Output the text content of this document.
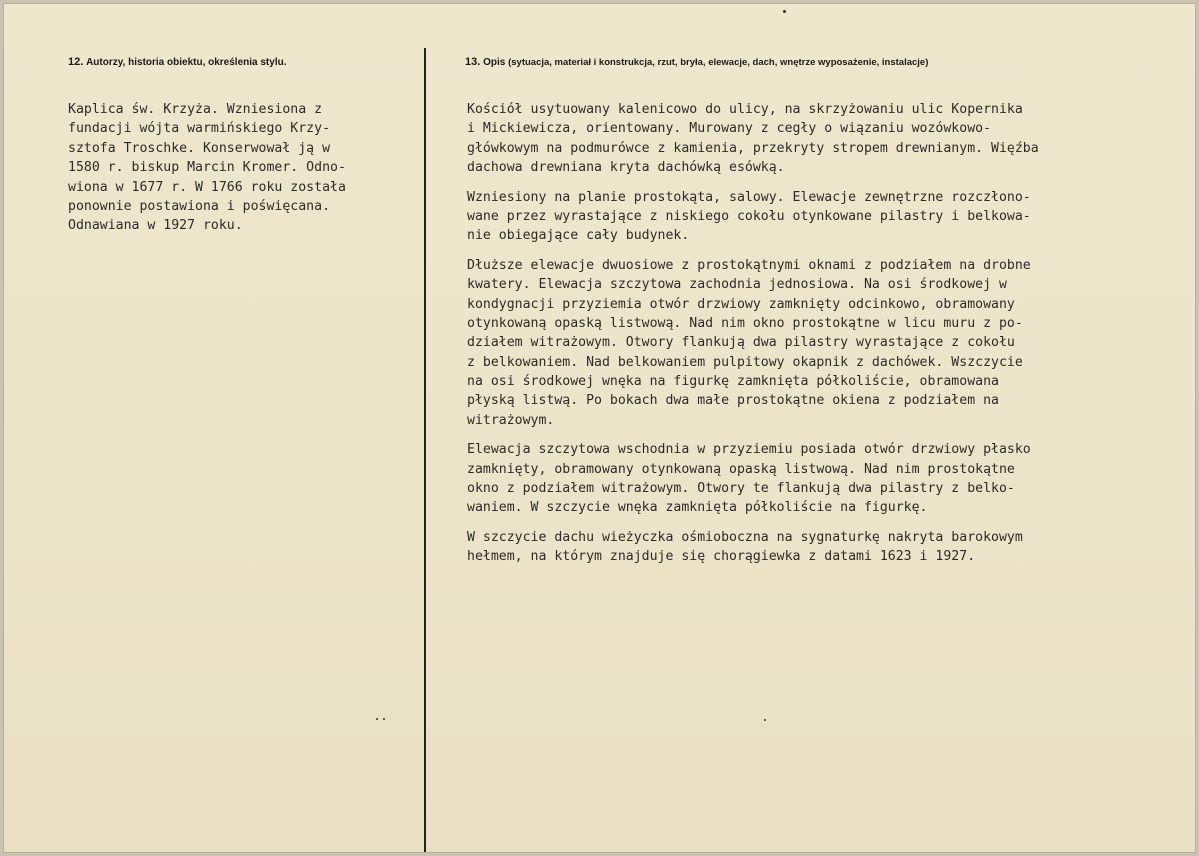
12. Autorzy, historia obiektu, określenia stylu.	13. Opis (sytuacja, materiał i konstrukcja, rzut, bryła, elewacje, dach, wnętrze wyposażenie, instalacje)
Kaplica św. Krzyża. Wzniesiona z
fundacji wójta warmińskiego Krzy-
sztofa Troschke. Konserwował ją w
1580 r. biskup Marcin Kromer. Odno-
wiona w 1677 r. W 1766 roku została
ponownie postawiona i poświęcana.
Odnawiana w 1927 roku.
Kościół usytuowany kalenicowo do ulicy, na skrzyżowaniu ulic Kopernika
i Mickiewicza, orientowany. Murowany z cegły o wiązaniu wozówkowo-
główkowym na podmurówce z kamienia, przekryty stropem drewnianym. Więźba
dachowa drewniana kryta dachówką esówką.
Wzniesiony na planie prostokąta, salowy. Elewacje zewnętrzne rozczłono-
wane przez wyrastające z niskiego cokołu otynkowane pilastry i belkowa-
nie obiegające cały budynek.
Dłuższe elewacje dwuosiowe z prostokątnymi oknami z podziałem na drobne
kwatery. Elewacja szczytowa zachodnia jednosiowa. Na osi środkowej w
kondygnacji przyziemia otwór drzwiowy zamknięty odcinkowo, obramowany
otynkowaną opaską listwową. Nad nim okno prostokątne w licu muru z po-
działem witrażowym. Otwory flankują dwa pilastry wyrastające z cokołu
z belkowaniem. Nad belkowaniem pulpitowy okapnik z dachówek. Wszczycie
na osi środkowej wnęka na figurkę zamknięta półkoliście, obramowana
płyską listwą. Po bokach dwa małe prostokątne okiena z podziałem na
witrażowym.
Elewacja szczytowa wschodnia w przyziemiu posiada otwór drzwiowy płasko
zamknięty, obramowany otynkowaną opaską listwową. Nad nim prostokątne
okno z podziałem witrażowym. Otwory te flankują dwa pilastry z belko-
waniem. W szczycie wnęka zamknięta półkoliście na figurkę.
W szczycie dachu wieżyczka ośmioboczna na sygnaturkę nakryta barokowym
hełmem, na którym znajduje się chorągiewka z datami 1623 i 1927.
